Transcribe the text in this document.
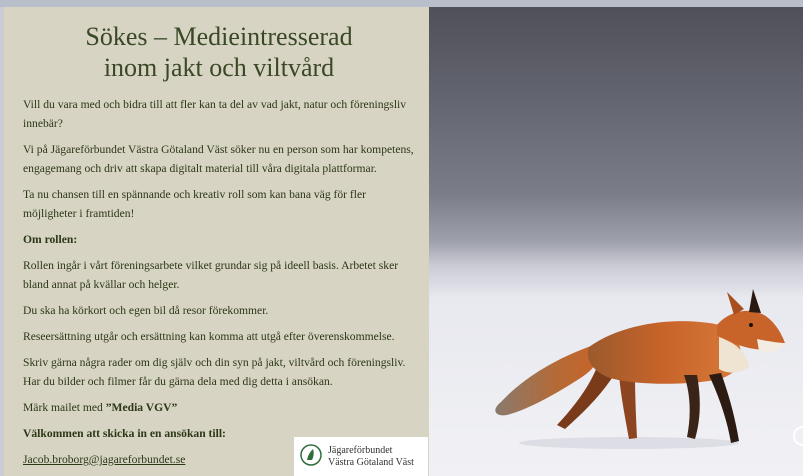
Sökes – Medieintresserad
inom jakt och viltvård

Vill du vara med och bidra till att fler kan ta del av vad jakt, natur och föreningsliv innebär?

Vi på Jägareförbundet Västra Götaland Väst söker nu en person som har kompetens, engagemang och driv att skapa digitalt material till våra digitala plattformar.

Ta nu chansen till en spännande och kreativ roll som kan bana väg för fler möjligheter i framtiden!

Om rollen:

Rollen ingår i vårt föreningsarbete vilket grundar sig på ideell basis. Arbetet sker bland annat på kvällar och helger.

Du ska ha körkort och egen bil då resor förekommer.

Reseersättning utgår och ersättning kan komma att utgå efter överenskommelse.

Skriv gärna några rader om dig själv och din syn på jakt, viltvård och föreningsliv. Har du bilder och filmer får du gärna dela med dig detta i ansökan.

Märk mailet med ”Media VGV”

Välkommen att skicka in en ansökan till:

Jacob.broborg@jagareforbundet.se

Jägareförbundet
Västra Götaland Väst
